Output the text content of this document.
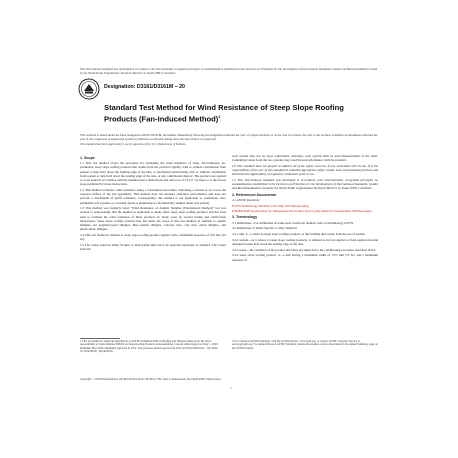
This international standard was developed in accordance with internationally recognized principles on standardization established in the Decision on Principles for the Development of International Standards, Guides and Recommendations issued by the World Trade Organization Technical Barriers to Trade (TBT) Committee.
Designation: D3161/D3161M − 20
Standard Test Method for Wind Resistance of Steep Slope Roofing Products (Fan-Induced Method)$^1$
This standard is issued under the fixed designation D3161/D3161M; the number immediately following the designation indicates the year of original adoption or, in the case of revision, the year of last revision. A number in parentheses indicates the year of last reapproval. A superscript epsilon (ε) indicates an editorial change since the last revision or reapproval.
This standard has been approved for use by agencies of the U.S. Department of Defense.
1. Scope

1.1 This test method covers the procedure for evaluating the wind resistance of steep, discontinuous, air-permeable, steep slope roofing products that results from the product's rigidity, with or without contribution from sealant to help hold down the leading edge of the tabs, or mechanical interlocking with or without contribution from sealant to help hold down the leading edge of the tabs, or any combination thereof. The products are applied to a test panel in accordance with the manufacturer's instructions and tested at a 2:12 (17 %) slope or at the lowest slope permitted by those instructions.

1.2 This method evaluates wind resistance using a fan-induced procedure, delivering a stream of air across the exposed surface of the test specimens. This method does not measure structural performance, and does not provide a mechanism of uplift resistance. Consequently, this method is not applicable to continuous, non-permeable roof systems or coverings (such as membranes or mechanically seamed metal roof panels).

1.3 This method was formerly titled "Wind Resistance of Asphalt Shingles (Fan-Induced Method)" but was revised to acknowledge that the method is applicable to many other steep slope roofing products and has been used to evaluate the wind resistance of these products for many years by several testing and certification laboratories. Steep slope roofing products that fall under the scope of this test method, in addition to asphalt shingles, are polymer-based shingles, fiber-cement shingles, concrete tiles, clay tiles, metal shingles, and photovoltaic shingles.

1.4 This test method is limited to steep slope roofing product applied with a maximum exposure of 610 mm [10 in.].

1.5 The values stated in either SI units or inch-pound units are to be regarded separately as standard. The values stated in

each system may not be exact equivalents; therefore, each system shall be used independently of the other. Combining values from the two systems may result in nonconformance with the standard.

1.6 This standard does not purport to address all of the safety concerns, if any, associated with its use. It is the responsibility of the user of this standard to establish appropriate safety, health, and environmental practices and determine the applicability of regulatory limitations prior to use.

1.7 This international standard was developed in accordance with internationally recognized principles on standardization established in the Decision on Principles for the Development of International Standards, Guides and Recommendations issued by the World Trade Organization Technical Barriers to Trade (TBT) Committee.

2. Referenced Documents

2.1 ASTM Standards:

D1079 Terminology Relating to Roofing and Waterproofing

E2948/E2948 Specification for Temperature-Electronics Power (and) Tables for Standardized Thermocouples

3. Terminology

3.1 Definitions—For definitions of terms used in this test method, refer to Terminology D1079.

3.2 Definitions of Terms Specific to This Standard:

3.2.1 unit, n—a tablet-to-steep slope roofing products, is the bonding that results from the use of sealant.

3.2.2 sealant—as it relates to steep slope roofing products, is defined as factory-applied or field-applied material designed to help hold down the leading edge of the tabs.

3.2.3 sealer—the condition of the product after they are subjected to the conditioning procedure described in 8.2.

3.2.4 steep slope roofing product, n—a unit having a maximum width of 1372 mm [55 in.] and a maximum exposure of

1 This test method is under the jurisdiction of ASTM Committee D08 on Roofing and Waterproofing and is the direct responsibility of Subcommittee D08.02 on Steep Roofing Products and Assemblies. Current edition approved May 1, 2020. Published May 2020. Originally approved in 1972. Last previous edition approved in 2019 as D3161/D3161M – 19a. DOI: 10.1520/D3161_D3161M-20.
2 For referenced ASTM standards, visit the ASTM website, www.astm.org, or contact ASTM Customer Service at service@astm.org. For Annual Book of ASTM Standards volume information, refer to the standard's Document Summary page on the ASTM website.
Copyright © ASTM International, 100 Barr Harbor Drive, PO Box C700, West Conshohocken, PA 19428-2959. United States
1
